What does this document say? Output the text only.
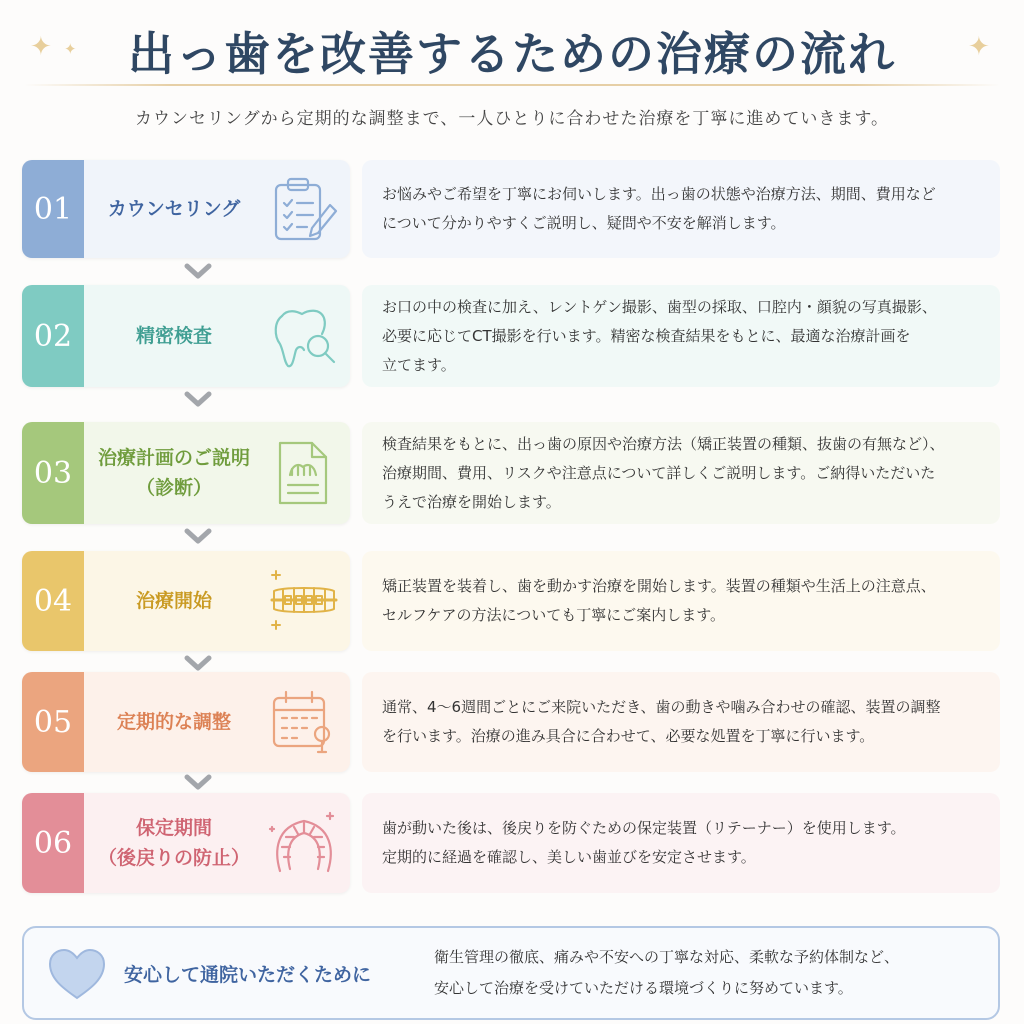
出っ歯を改善するための治療の流れ
✦ ✦	✦
カウンセリングから定期的な調整まで、一人ひとりに合わせた治療を丁寧に進めていきます。
01	カウンセリング
お悩みやご希望を丁寧にお伺いします。出っ歯の状態や治療方法、期間、費用など
について分かりやすくご説明し、疑問や不安を解消します。
02	精密検査
お口の中の検査に加え、レントゲン撮影、歯型の採取、口腔内・顔貌の写真撮影、
必要に応じてCT撮影を行います。精密な検査結果をもとに、最適な治療計画を
立てます。
03	治療計画のご説明
（診断）
検査結果をもとに、出っ歯の原因や治療方法（矯正装置の種類、抜歯の有無など）、
治療期間、費用、リスクや注意点について詳しくご説明します。ご納得いただいた
うえで治療を開始します。
04	治療開始
矯正装置を装着し、歯を動かす治療を開始します。装置の種類や生活上の注意点、
セルフケアの方法についても丁寧にご案内します。
05	定期的な調整
通常、4〜6週間ごとにご来院いただき、歯の動きや噛み合わせの確認、装置の調整
を行います。治療の進み具合に合わせて、必要な処置を丁寧に行います。
06	保定期間
（後戻りの防止）
歯が動いた後は、後戻りを防ぐための保定装置（リテーナー）を使用します。
定期的に経過を確認し、美しい歯並びを安定させます。
安心して通院いただくために
衛生管理の徹底、痛みや不安への丁寧な対応、柔軟な予約体制など、
安心して治療を受けていただける環境づくりに努めています。
